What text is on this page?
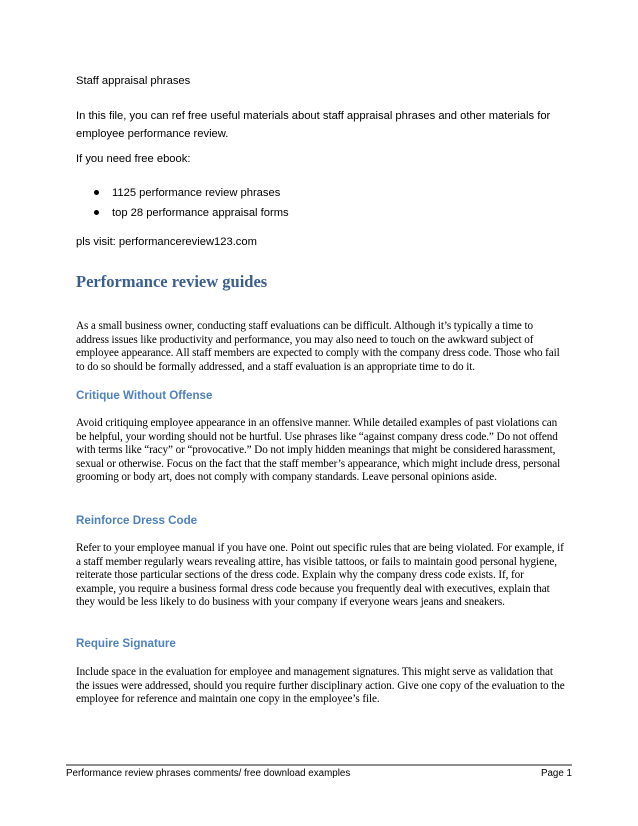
Staff appraisal phrases

In this file, you can ref free useful materials about staff appraisal phrases and other materials for employee performance review.

If you need free ebook:

1125 performance review phrases
top 28 performance appraisal forms

pls visit: performancereview123.com

Performance review guides

As a small business owner, conducting staff evaluations can be difficult. Although it’s typically a time to address issues like productivity and performance, you may also need to touch on the awkward subject of employee appearance. All staff members are expected to comply with the company dress code. Those who fail to do so should be formally addressed, and a staff evaluation is an appropriate time to do it.

Critique Without Offense

Avoid critiquing employee appearance in an offensive manner. While detailed examples of past violations can be helpful, your wording should not be hurtful. Use phrases like “against company dress code.” Do not offend with terms like “racy” or “provocative.” Do not imply hidden meanings that might be considered harassment, sexual or otherwise. Focus on the fact that the staff member’s appearance, which might include dress, personal grooming or body art, does not comply with company standards. Leave personal opinions aside.

Reinforce Dress Code

Refer to your employee manual if you have one. Point out specific rules that are being violated. For example, if a staff member regularly wears revealing attire, has visible tattoos, or fails to maintain good personal hygiene, reiterate those particular sections of the dress code. Explain why the company dress code exists. If, for example, you require a business formal dress code because you frequently deal with executives, explain that they would be less likely to do business with your company if everyone wears jeans and sneakers.

Require Signature

Include space in the evaluation for employee and management signatures. This might serve as validation that the issues were addressed, should you require further disciplinary action. Give one copy of the evaluation to the employee for reference and maintain one copy in the employee’s file.

Performance review phrases comments/ free download examples	Page 1
